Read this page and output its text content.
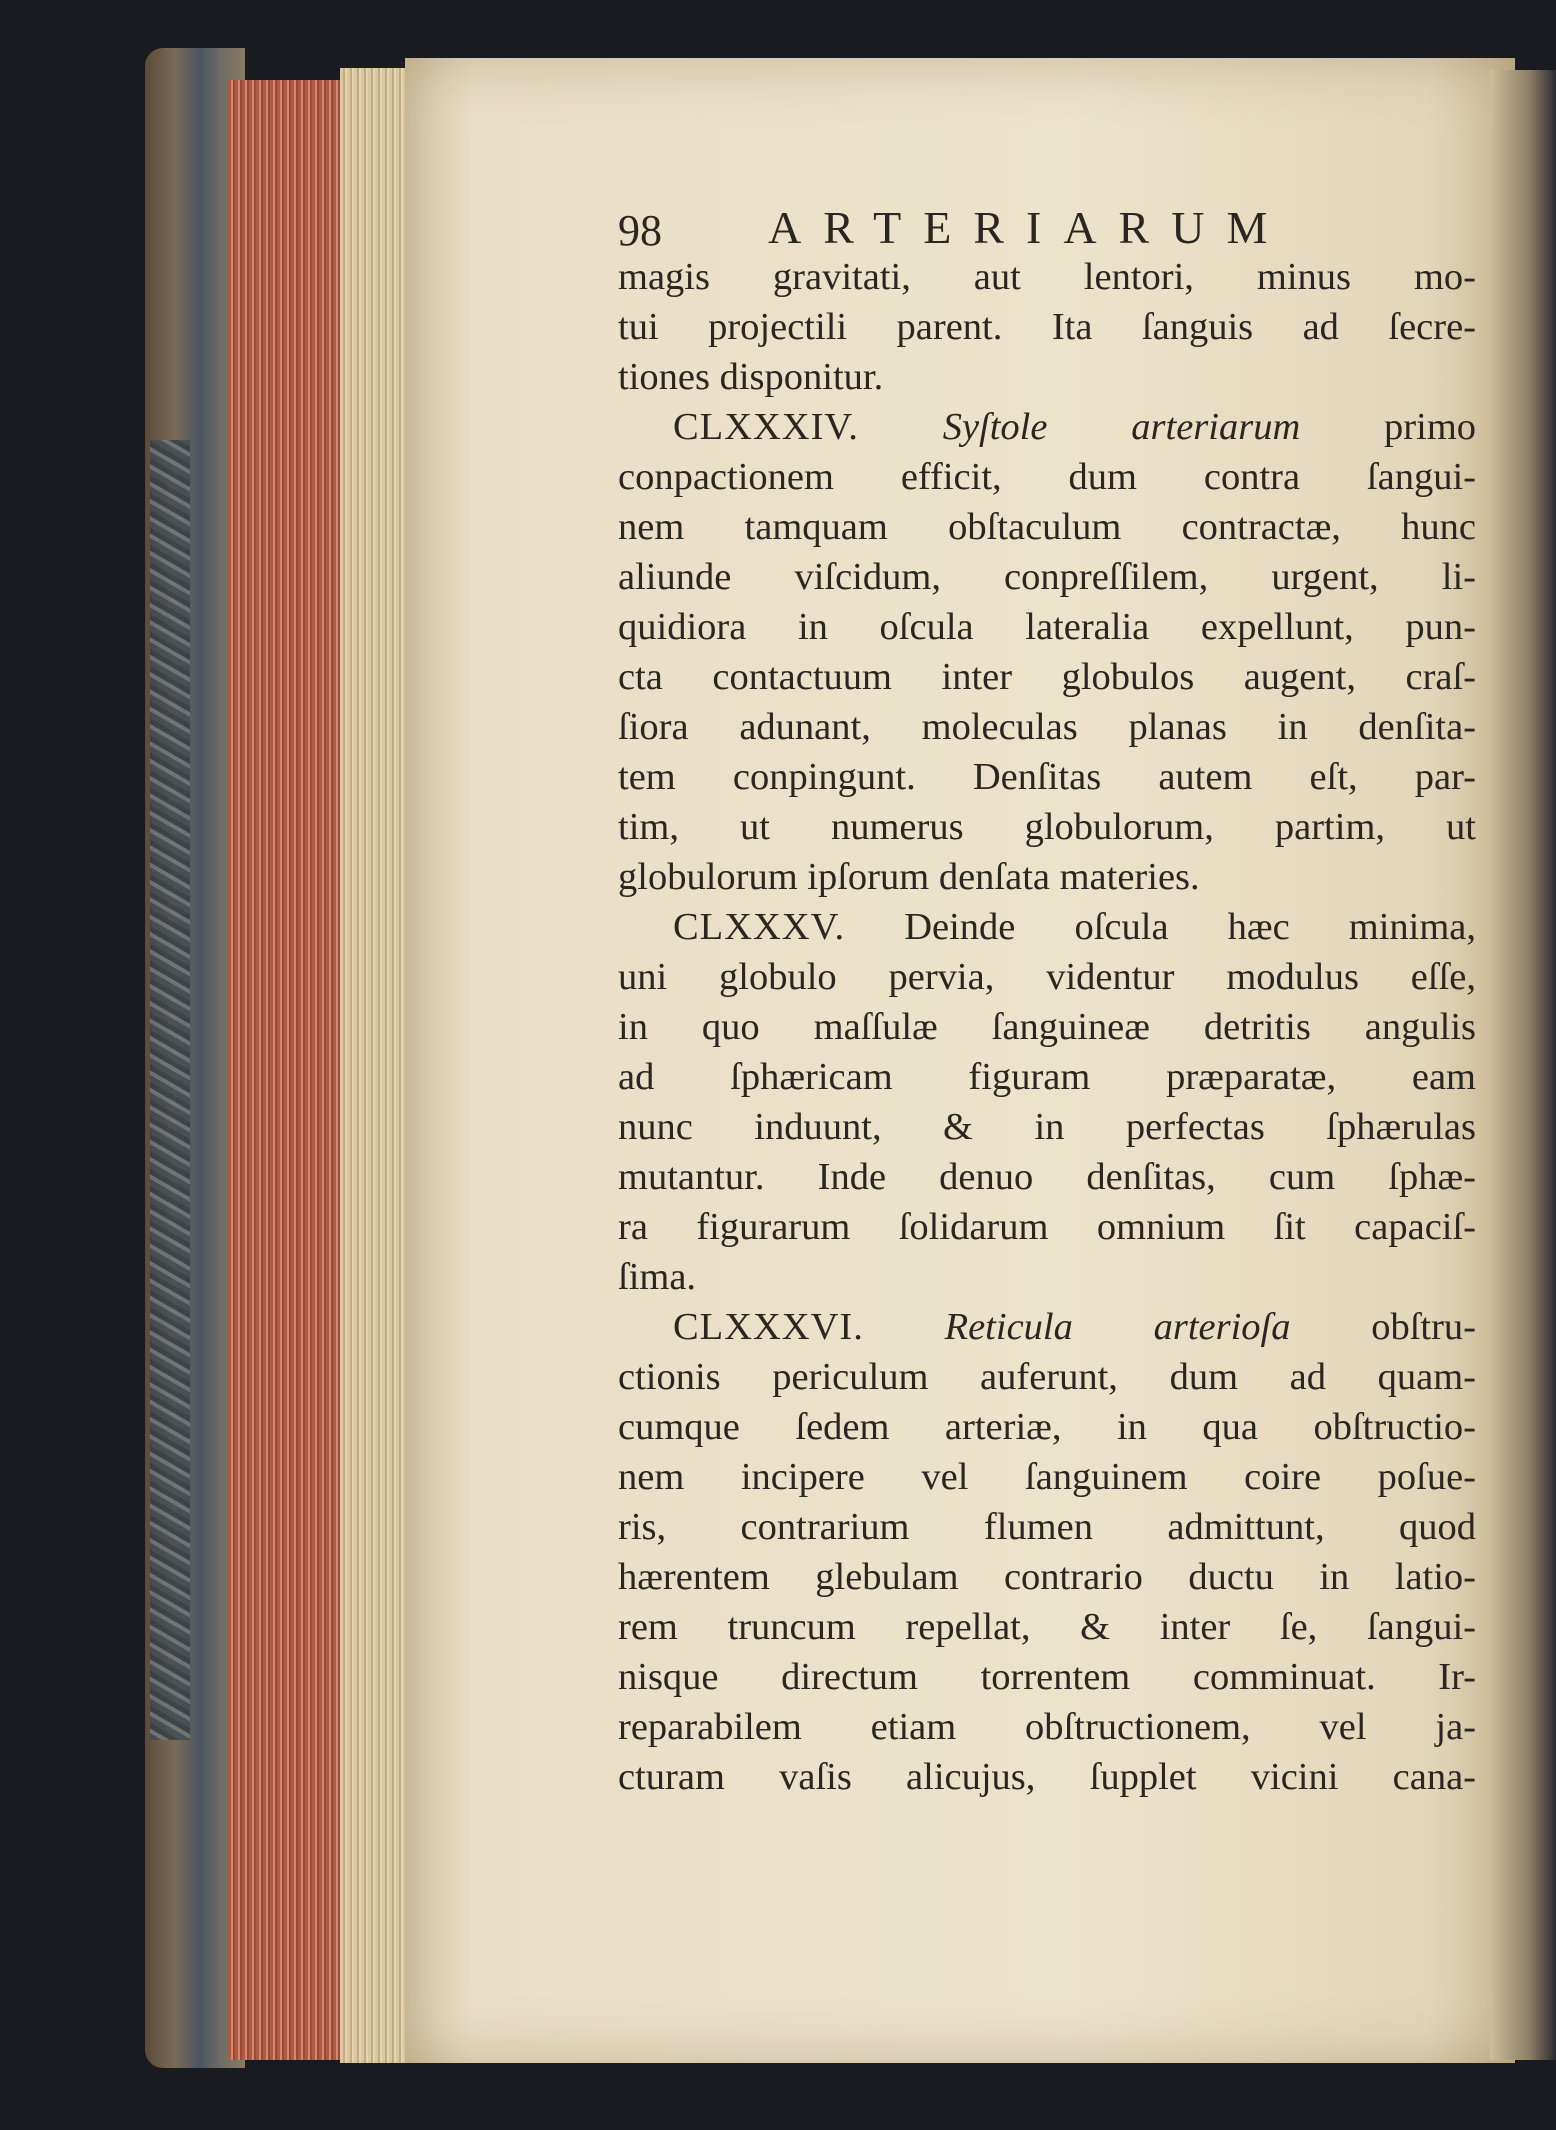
98 ARTERIARUM
magis gravitati, aut lentori, minus mo-
tui projectili parent. Ita ſanguis ad ſecre-
tiones disponitur.
CLXXXIV. Syſtole arteriarum primo
conpactionem efficit, dum contra ſangui-
nem tamquam obſtaculum contractæ, hunc
aliunde viſcidum, conpreſſilem, urgent, li-
quidiora in oſcula lateralia expellunt, pun-
cta contactuum inter globulos augent, craſ-
ſiora adunant, moleculas planas in denſita-
tem conpingunt. Denſitas autem eſt, par-
tim, ut numerus globulorum, partim, ut
globulorum ipſorum denſata materies.
CLXXXV. Deinde oſcula hæc minima,
uni globulo pervia, videntur modulus eſſe,
in quo maſſulæ ſanguineæ detritis angulis
ad ſphæricam figuram præparatæ, eam
nunc induunt, & in perfectas ſphærulas
mutantur. Inde denuo denſitas, cum ſphæ-
ra figurarum ſolidarum omnium ſit capaciſ-
ſima.
CLXXXVI. Reticula arterioſa obſtru-
ctionis periculum auferunt, dum ad quam-
cumque ſedem arteriæ, in qua obſtructio-
nem incipere vel ſanguinem coire poſue-
ris, contrarium flumen admittunt, quod
hærentem glebulam contrario ductu in latio-
rem truncum repellat, & inter ſe, ſangui-
nisque directum torrentem comminuat. Ir-
reparabilem etiam obſtructionem, vel ja-
cturam vaſis alicujus, ſupplet vicini cana-
